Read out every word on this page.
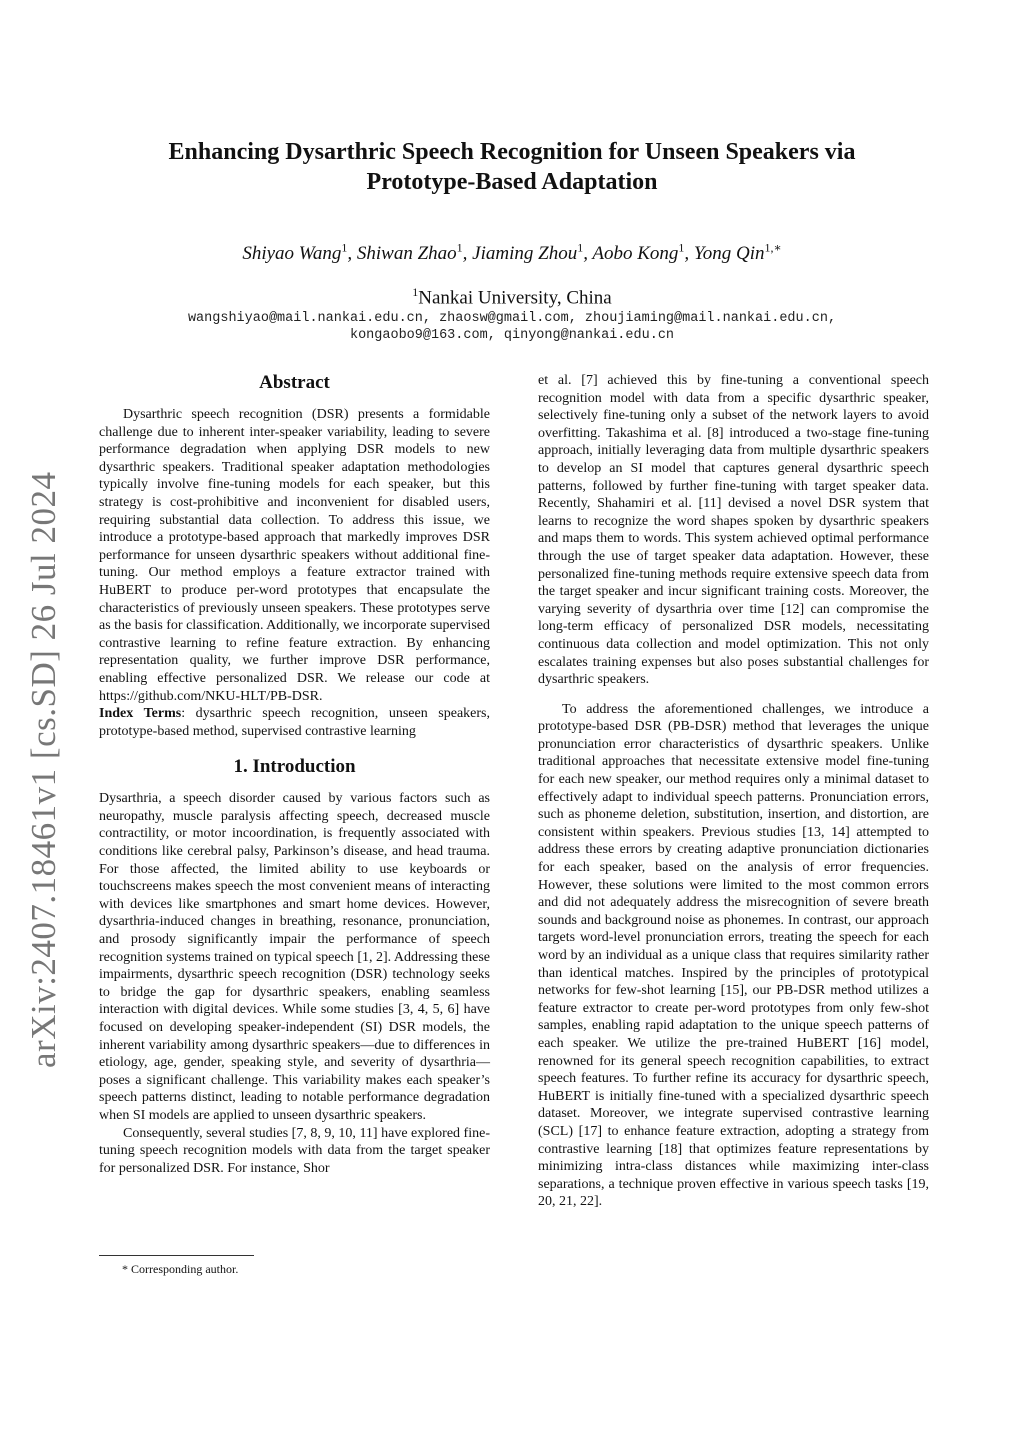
arXiv:2407.18461v1 [cs.SD] 26 Jul 2024
Enhancing Dysarthric Speech Recognition for Unseen Speakers via
Prototype-Based Adaptation
Shiyao Wang$^1$, Shiwan Zhao$^1$, Jiaming Zhou$^1$, Aobo Kong$^1$, Yong Qin$^{1,∗}$
$^1$Nankai University, China
wangshiyao@mail.nankai.edu.cn, zhaosw@gmail.com, zhoujiaming@mail.nankai.edu.cn,
kongaobo9@163.com, qinyong@nankai.edu.cn
Abstract

Dysarthric speech recognition (DSR) presents a formidable challenge due to inherent inter-speaker variability, leading to severe performance degradation when applying DSR models to new dysarthric speakers. Traditional speaker adaptation methodologies typically involve fine-tuning models for each speaker, but this strategy is cost-prohibitive and inconvenient for disabled users, requiring substantial data collection. To address this issue, we introduce a prototype-based approach that markedly improves DSR performance for unseen dysarthric speakers without additional fine-tuning. Our method employs a feature extractor trained with HuBERT to produce per-word prototypes that encapsulate the characteristics of previously unseen speakers. These prototypes serve as the basis for classification. Additionally, we incorporate supervised contrastive learning to refine feature extraction. By enhancing representation quality, we further improve DSR performance, enabling effective personalized DSR. We release our code at https://github.com/NKU-HLT/PB-DSR.

Index Terms: dysarthric speech recognition, unseen speakers, prototype-based method, supervised contrastive learning

1. Introduction

Dysarthria, a speech disorder caused by various factors such as neuropathy, muscle paralysis affecting speech, decreased muscle contractility, or motor incoordination, is frequently associated with conditions like cerebral palsy, Parkinson’s disease, and head trauma. For those affected, the limited ability to use keyboards or touchscreens makes speech the most convenient means of interacting with devices like smartphones and smart home devices. However, dysarthria-induced changes in breathing, resonance, pronunciation, and prosody significantly impair the performance of speech recognition systems trained on typical speech [1, 2]. Addressing these impairments, dysarthric speech recognition (DSR) technology seeks to bridge the gap for dysarthric speakers, enabling seamless interaction with digital devices. While some studies [3, 4, 5, 6] have focused on developing speaker-independent (SI) DSR models, the inherent variability among dysarthric speakers—due to differences in etiology, age, gender, speaking style, and severity of dysarthria—poses a significant challenge. This variability makes each speaker’s speech patterns distinct, leading to notable performance degradation when SI models are applied to unseen dysarthric speakers.

Consequently, several studies [7, 8, 9, 10, 11] have explored fine-tuning speech recognition models with data from the target speaker for personalized DSR. For instance, Shor

et al. [7] achieved this by fine-tuning a conventional speech recognition model with data from a specific dysarthric speaker, selectively fine-tuning only a subset of the network layers to avoid overfitting. Takashima et al. [8] introduced a two-stage fine-tuning approach, initially leveraging data from multiple dysarthric speakers to develop an SI model that captures general dysarthric speech patterns, followed by further fine-tuning with target speaker data. Recently, Shahamiri et al. [11] devised a novel DSR system that learns to recognize the word shapes spoken by dysarthric speakers and maps them to words. This system achieved optimal performance through the use of target speaker data adaptation. However, these personalized fine-tuning methods require extensive speech data from the target speaker and incur significant training costs. Moreover, the varying severity of dysarthria over time [12] can compromise the long-term efficacy of personalized DSR models, necessitating continuous data collection and model optimization. This not only escalates training expenses but also poses substantial challenges for dysarthric speakers.

To address the aforementioned challenges, we introduce a prototype-based DSR (PB-DSR) method that leverages the unique pronunciation error characteristics of dysarthric speakers. Unlike traditional approaches that necessitate extensive model fine-tuning for each new speaker, our method requires only a minimal dataset to effectively adapt to individual speech patterns. Pronunciation errors, such as phoneme deletion, substitution, insertion, and distortion, are consistent within speakers. Previous studies [13, 14] attempted to address these errors by creating adaptive pronunciation dictionaries for each speaker, based on the analysis of error frequencies. However, these solutions were limited to the most common errors and did not adequately address the misrecognition of severe breath sounds and background noise as phonemes. In contrast, our approach targets word-level pronunciation errors, treating the speech for each word by an individual as a unique class that requires similarity rather than identical matches. Inspired by the principles of prototypical networks for few-shot learning [15], our PB-DSR method utilizes a feature extractor to create per-word prototypes from only few-shot samples, enabling rapid adaptation to the unique speech patterns of each speaker. We utilize the pre-trained HuBERT [16] model, renowned for its general speech recognition capabilities, to extract speech features. To further refine its accuracy for dysarthric speech, HuBERT is initially fine-tuned with a specialized dysarthric speech dataset. Moreover, we integrate supervised contrastive learning (SCL) [17] to enhance feature extraction, adopting a strategy from contrastive learning [18] that optimizes feature representations by minimizing intra-class distances while maximizing inter-class separations, a technique proven effective in various speech tasks [19, 20, 21, 22].

* Corresponding author.
